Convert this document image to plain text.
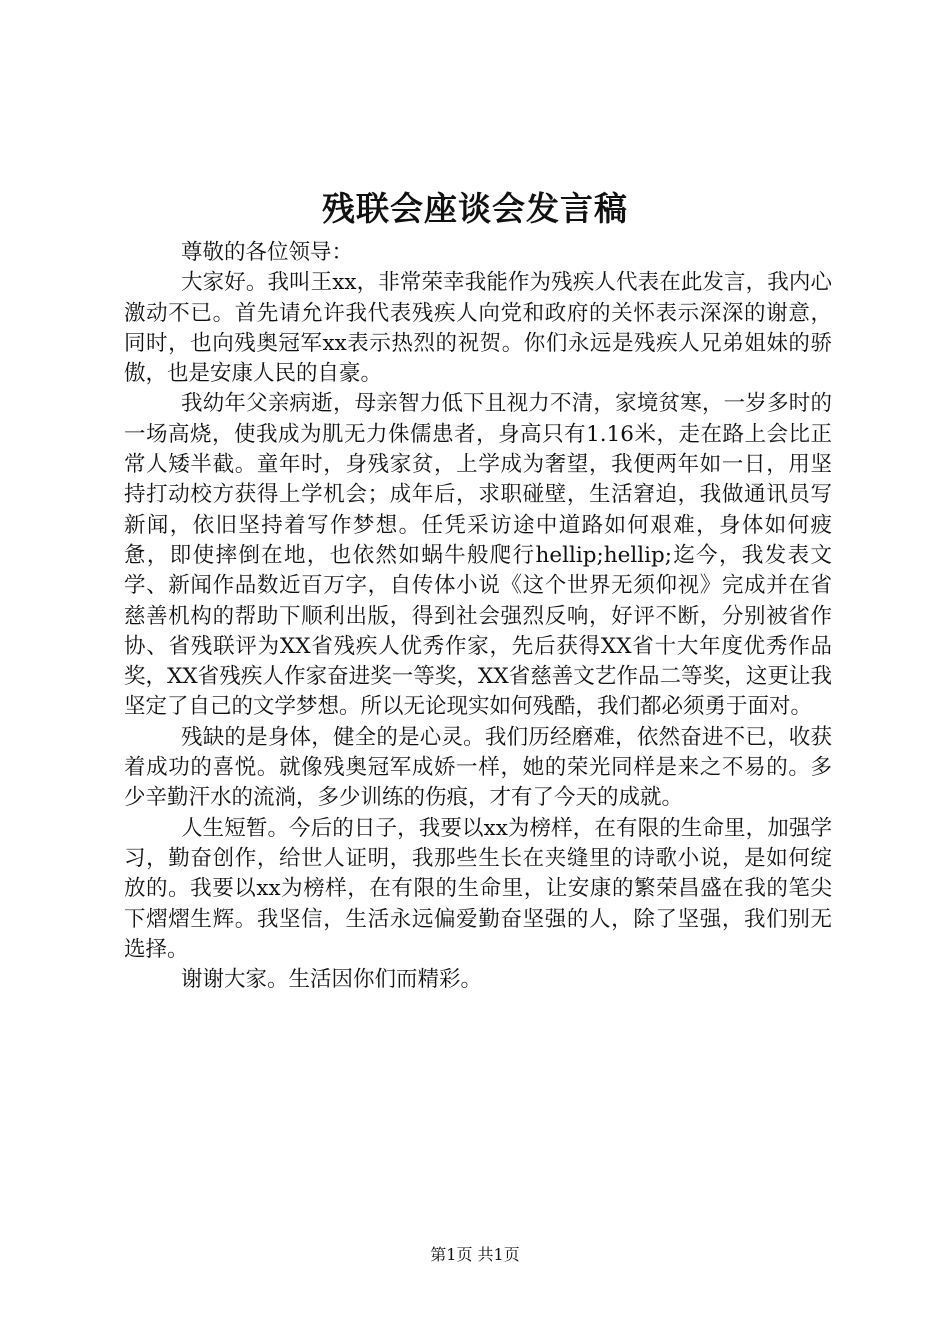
残联会座谈会发言稿

尊敬的各位领导：

大家好。我叫王xx，非常荣幸我能作为残疾人代表在此发言，我内心激动不已。首先请允许我代表残疾人向党和政府的关怀表示深深的谢意，同时，也向残奥冠军xx表示热烈的祝贺。你们永远是残疾人兄弟姐妹的骄傲，也是安康人民的自豪。

我幼年父亲病逝，母亲智力低下且视力不清，家境贫寒，一岁多时的一场高烧，使我成为肌无力侏儒患者，身高只有1.16米，走在路上会比正常人矮半截。童年时，身残家贫，上学成为奢望，我便两年如一日，用坚持打动校方获得上学机会；成年后，求职碰壁，生活窘迫，我做通讯员写新闻，依旧坚持着写作梦想。任凭采访途中道路如何艰难，身体如何疲惫，即使摔倒在地，也依然如蜗牛般爬行hellip;hellip;迄今，我发表文学、新闻作品数近百万字，自传体小说《这个世界无须仰视》完成并在省慈善机构的帮助下顺利出版，得到社会强烈反响，好评不断，分别被省作协、省残联评为XX省残疾人优秀作家，先后获得XX省十大年度优秀作品奖，XX省残疾人作家奋进奖一等奖，XX省慈善文艺作品二等奖，这更让我坚定了自己的文学梦想。所以无论现实如何残酷，我们都必须勇于面对。

残缺的是身体，健全的是心灵。我们历经磨难，依然奋进不已，收获着成功的喜悦。就像残奥冠军成娇一样，她的荣光同样是来之不易的。多少辛勤汗水的流淌，多少训练的伤痕，才有了今天的成就。

人生短暂。今后的日子，我要以xx为榜样，在有限的生命里，加强学习，勤奋创作，给世人证明，我那些生长在夹缝里的诗歌小说，是如何绽放的。我要以xx为榜样，在有限的生命里，让安康的繁荣昌盛在我的笔尖下熠熠生辉。我坚信，生活永远偏爱勤奋坚强的人，除了坚强，我们别无选择。

谢谢大家。生活因你们而精彩。

第1页 共1页
